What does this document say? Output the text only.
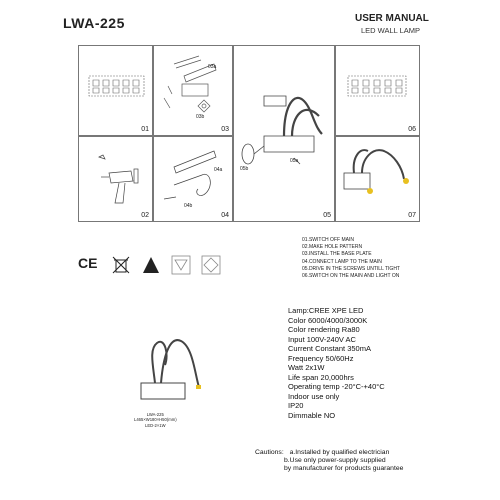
LWA-225	USER MANUAL
LED WALL LAMP
01
03a
03b
03
05a
05b
05
06
02
04a
04b
04	07
CE
01.SWITCH OFF MAIN
02.MAKE HOLE PATTERN
03.INSTALL THE BASE PLATE
04.CONNECT LAMP TO THE MAIN
05.DRIVE IN THE SCREWS UNTILL TIGHT
06.SWITCH ON THE MAIN AND LIGHT ON
LWA-225
L465×W180×H50(mm)
LED-2×1W
Lamp:CREE XPE LED
Color 6000/4000/3000K
Color rendering Ra80
Input 100V-240V AC
Current Constant 350mA
Frequency 50/60Hz
Watt 2x1W
Life span 20,000hrs
Operating temp -20°C-+40°C
Indoor use only
IP20
Dimmable NO
Cautions: a.Installed by qualified electrician
b.Use only power-supply supplied
by manufacturer for products guarantee
